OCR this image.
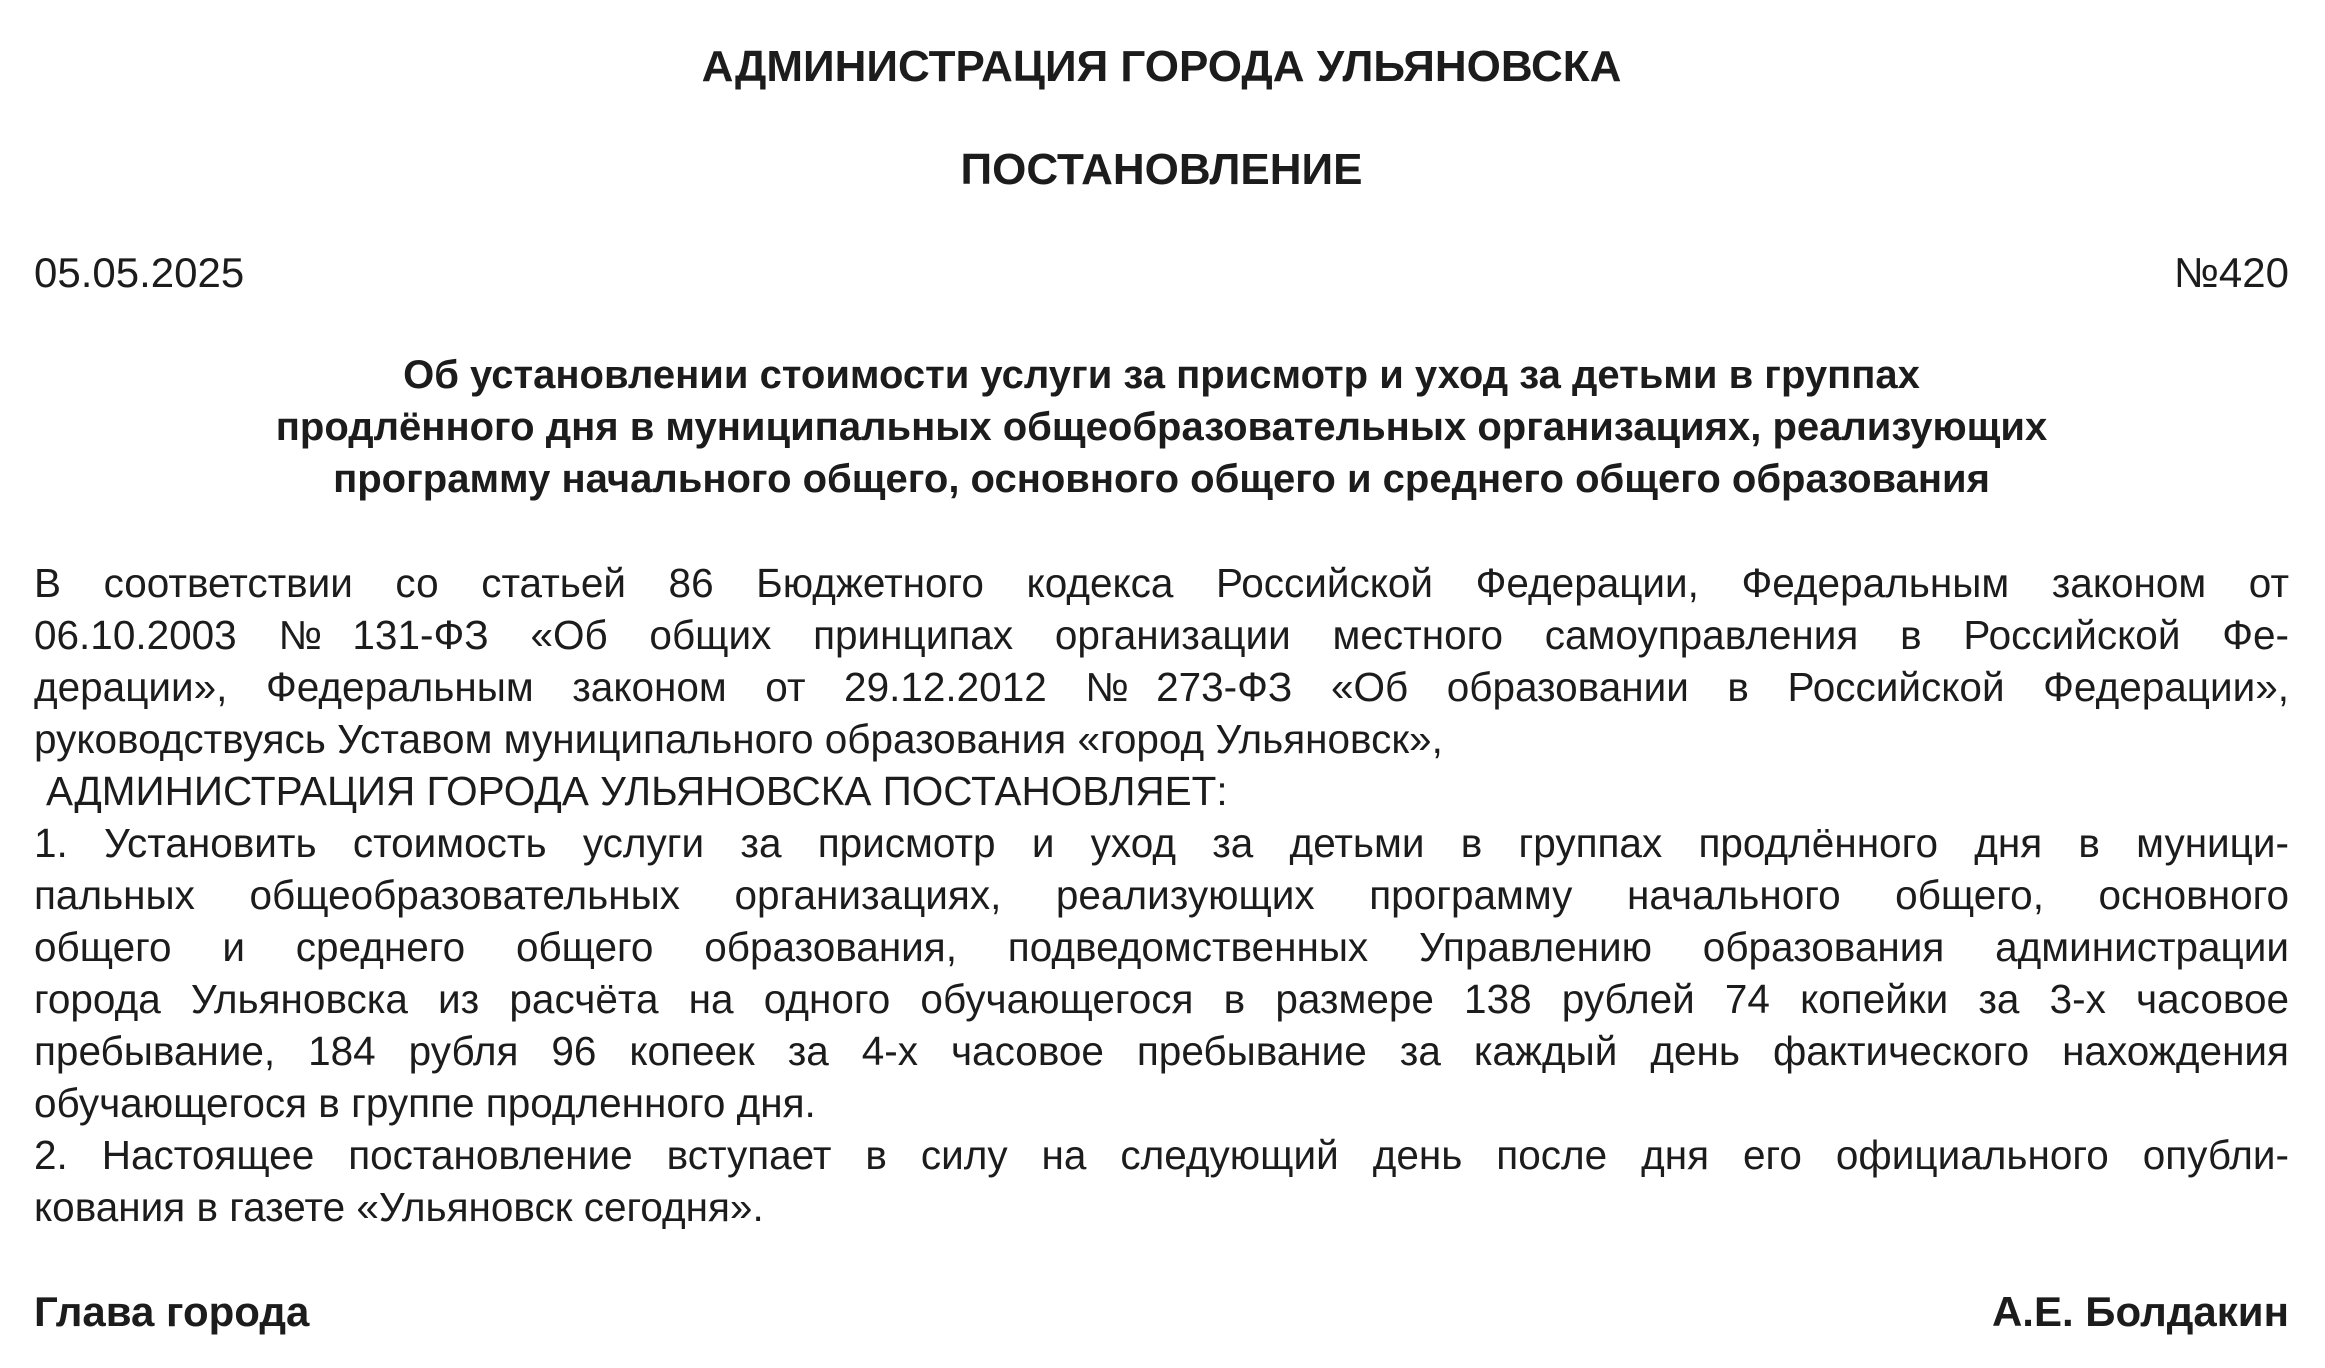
АДМИНИСТРАЦИЯ ГОРОДА УЛЬЯНОВСКА
ПОСТАНОВЛЕНИЕ
05.05.2025	№420
Об установлении стоимости услуги за присмотр и уход за детьми в группах
продлённого дня в муниципальных общеобразовательных организациях, реализующих
программу начального общего, основного общего и среднего общего образования
В соответствии со статьей 86 Бюджетного кодекса Российской Федерации, Федеральным законом от
06.10.2003 №131-ФЗ «Об общих принципах организации местного самоуправления в Российской Фе-
дерации», Федеральным законом от 29.12.2012 №273-ФЗ «Об образовании в Российской Федерации»,
руководствуясь Уставом муниципального образования «город Ульяновск»,
АДМИНИСТРАЦИЯ ГОРОДА УЛЬЯНОВСКА ПОСТАНОВЛЯЕТ:
1. Установить стоимость услуги за присмотр и уход за детьми в группах продлённого дня в муници-
пальных общеобразовательных организациях, реализующих программу начального общего, основного
общего и среднего общего образования, подведомственных Управлению образования администрации
города Ульяновска из расчёта на одного обучающегося в размере 138 рублей 74 копейки за 3-х часовое
пребывание, 184 рубля 96 копеек за 4-х часовое пребывание за каждый день фактического нахождения
обучающегося в группе продленного дня.
2. Настоящее постановление вступает в силу на следующий день после дня его официального опубли-
кования в газете «Ульяновск сегодня».
Глава города	А.Е. Болдакин
